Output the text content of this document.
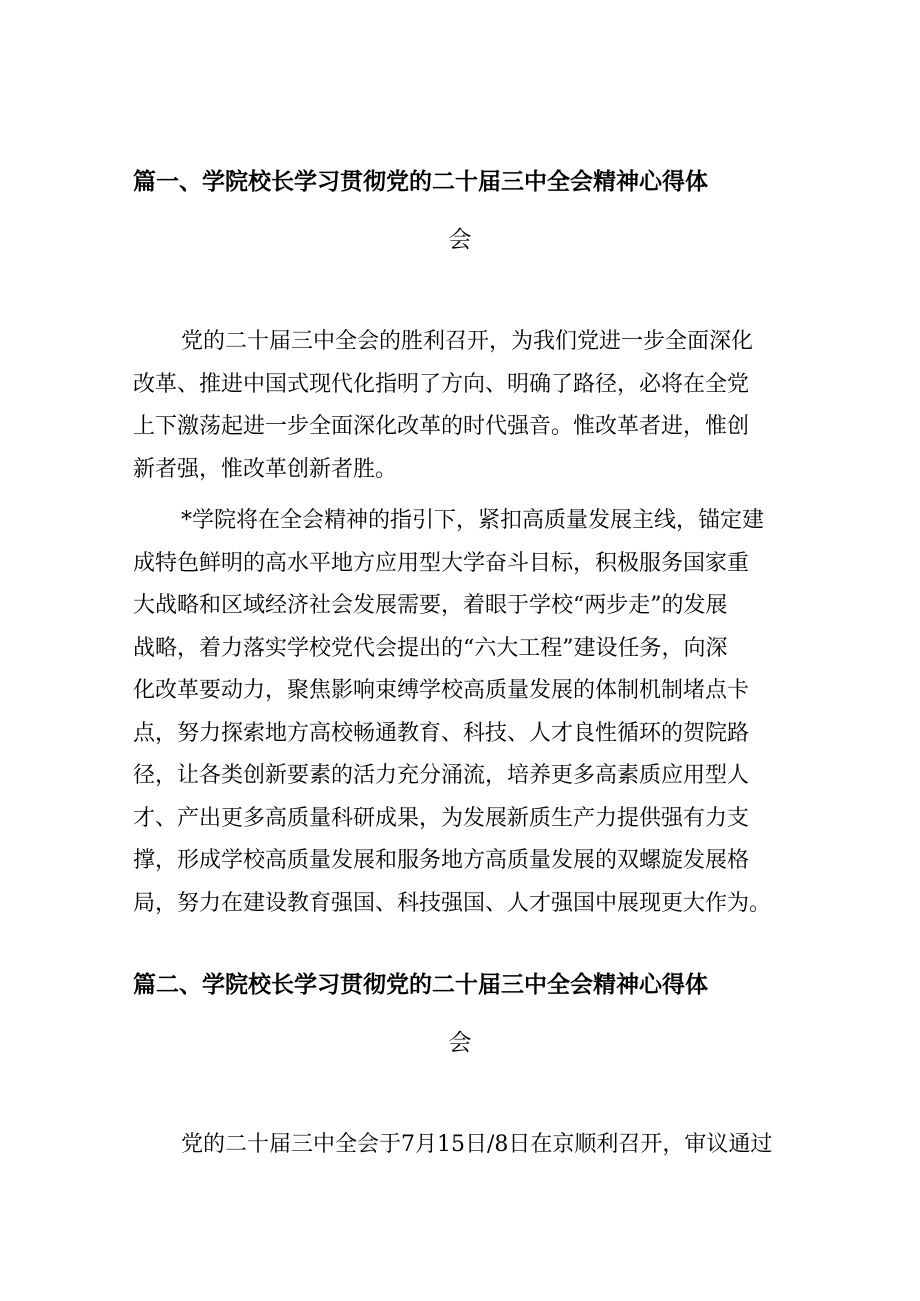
篇一、学院校长学习贯彻党的二十届三中全会精神心得体
会
党的二十届三中全会的胜利召开，为我们党进一步全面深化
改革、推进中国式现代化指明了方向、明确了路径，必将在全党
上下激荡起进一步全面深化改革的时代强音。惟改革者进，惟创
新者强，惟改革创新者胜。
*学院将在全会精神的指引下，紧扣高质量发展主线，锚定建
成特色鲜明的高水平地方应用型大学奋斗目标，积极服务国家重
大战略和区域经济社会发展需要，着眼于学校“两步走”的发展
战略，着力落实学校党代会提出的“六大工程”建设任务，向深
化改革要动力，聚焦影响束缚学校高质量发展的体制机制堵点卡
点，努力探索地方高校畅通教育、科技、人才良性循环的贺院路
径，让各类创新要素的活力充分涌流，培养更多高素质应用型人
才、产出更多高质量科研成果，为发展新质生产力提供强有力支
撑，形成学校高质量发展和服务地方高质量发展的双螺旋发展格
局，努力在建设教育强国、科技强国、人才强国中展现更大作为。
篇二、学院校长学习贯彻党的二十届三中全会精神心得体
会
党的二十届三中全会于7月15日/8日在京顺利召开，审议通过
